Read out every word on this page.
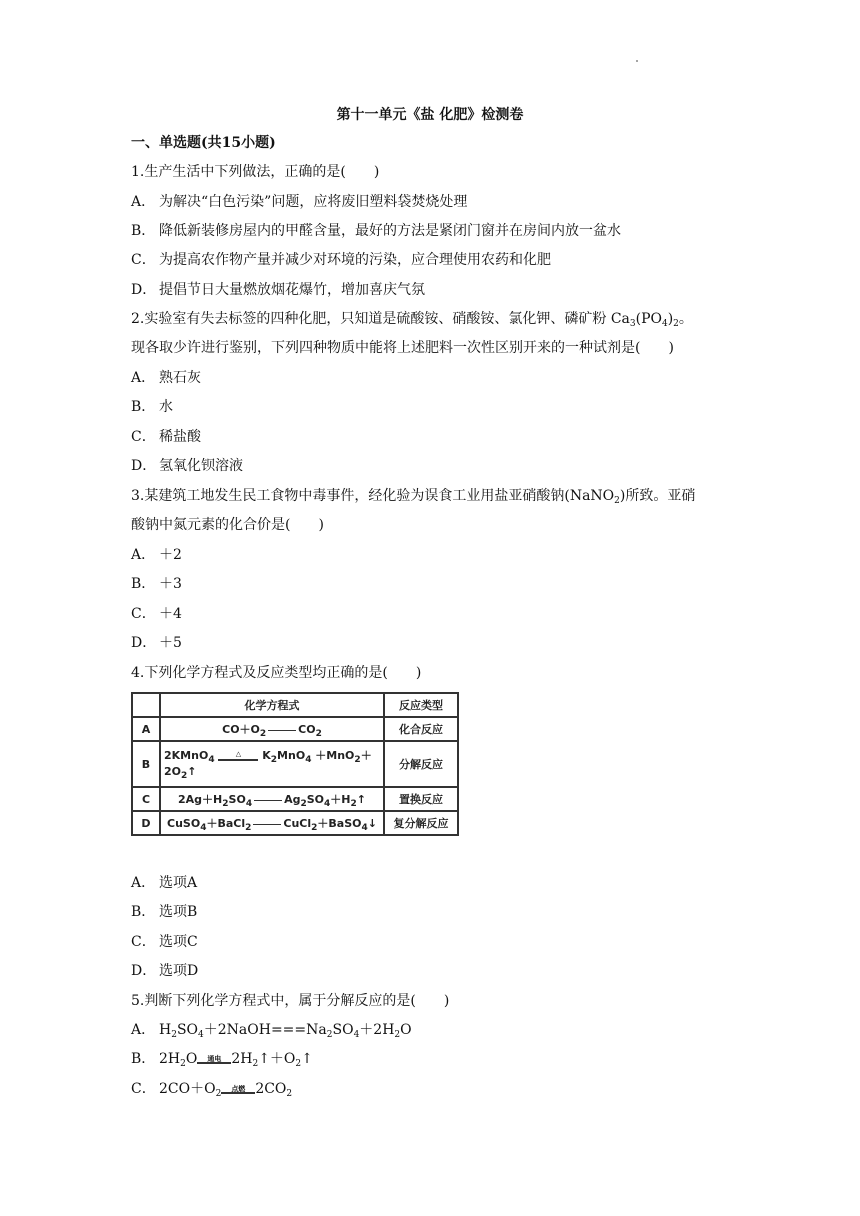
第十一单元《盐 化肥》检测卷
一、单选题(共15小题)
1.生产生活中下列做法，正确的是(　　)
A． 为解决“白色污染”问题，应将废旧塑料袋焚烧处理
B． 降低新装修房屋内的甲醛含量，最好的方法是紧闭门窗并在房间内放一盆水
C． 为提高农作物产量并减少对环境的污染，应合理使用农药和化肥
D． 提倡节日大量燃放烟花爆竹，增加喜庆气氛
2.实验室有失去标签的四种化肥，只知道是硫酸铵、硝酸铵、氯化钾、磷矿粉 $Ca_3(PO_4)_2$。
现各取少许进行鉴别，下列四种物质中能将上述肥料一次性区别开来的一种试剂是(　　)
A． 熟石灰
B． 水
C． 稀盐酸
D． 氢氧化钡溶液
3.某建筑工地发生民工食物中毒事件，经化验为误食工业用盐亚硝酸钠(NaNO$_2$)所致。亚硝
酸钠中氮元素的化合价是(　　)
A． ＋2
B． ＋3
C． ＋4
D． ＋5
4.下列化学方程式及反应类型均正确的是(　　)
	化学方程式	反应类型
A	$CO+O_2$ $CO_2$	化合反应
B	2KMnO$_4$
△ $K_2MnO_4 +MnO_2+$
$2O_2↑$	分解反应
C	$2Ag+H_2SO_4$ $Ag_2SO_4+H_2↑$	置换反应
D	CuSO$_4$＋BaCl$_2$ CuCl$_2$＋BaSO$_4$↓	复分解反应
A． 选项A
B． 选项B
C． 选项C
D． 选项D
5.判断下列化学方程式中，属于分解反应的是(　　)
A． $H_2SO_4+2NaOH===Na_2SO_4+2H_2O$
B． $2H_2O$	通电 $2H_2↑+O_2↑$
C． $2CO+O_2$
点燃 $2CO_2$
